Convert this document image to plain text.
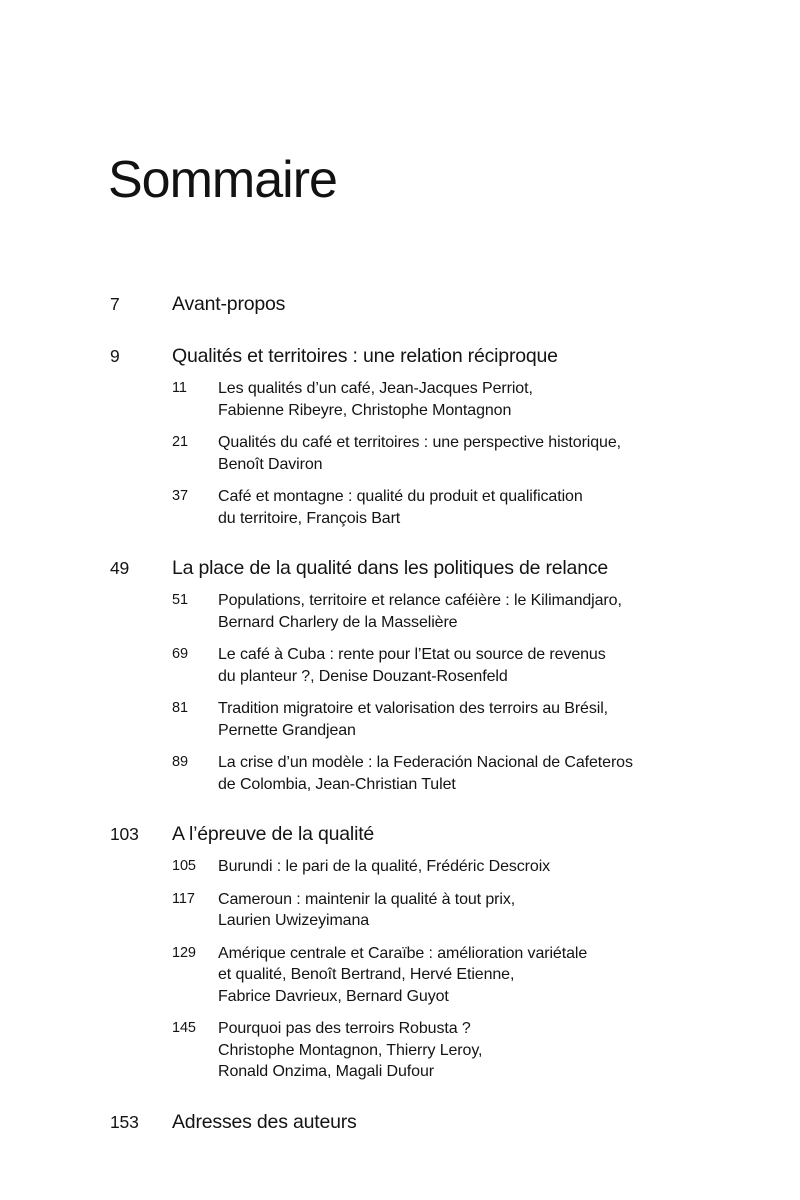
Sommaire
7	Avant-propos
9	Qualités et territoires : une relation réciproque
11	Les qualités d’un café, Jean-Jacques Perriot,
Fabienne Ribeyre, Christophe Montagnon
21	Qualités du café et territoires : une perspective historique,
Benoît Daviron
37	Café et montagne : qualité du produit et qualification
du territoire, François Bart
49	La place de la qualité dans les politiques de relance
51	Populations, territoire et relance caféière : le Kilimandjaro,
Bernard Charlery de la Masselière
69	Le café à Cuba : rente pour l’Etat ou source de revenus
du planteur ?, Denise Douzant-Rosenfeld
81	Tradition migratoire et valorisation des terroirs au Brésil,
Pernette Grandjean
89	La crise d’un modèle : la Federación Nacional de Cafeteros
de Colombia, Jean-Christian Tulet
103	A l’épreuve de la qualité
105	Burundi : le pari de la qualité, Frédéric Descroix
117	Cameroun : maintenir la qualité à tout prix,
Laurien Uwizeyimana
129	Amérique centrale et Caraïbe : amélioration variétale
et qualité, Benoît Bertrand, Hervé Etienne,
Fabrice Davrieux, Bernard Guyot
145	Pourquoi pas des terroirs Robusta ?
Christophe Montagnon, Thierry Leroy,
Ronald Onzima, Magali Dufour
153	Adresses des auteurs
